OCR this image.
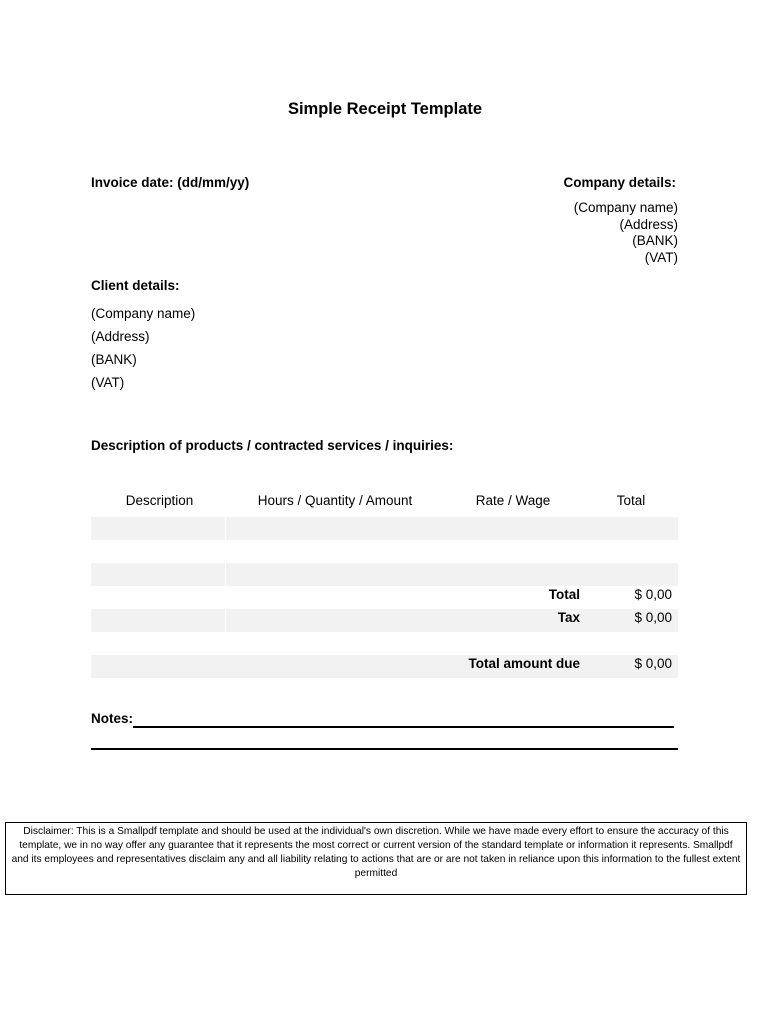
Simple Receipt Template
Invoice date: (dd/mm/yy)	Company details:
(Company name)
(Address)
(BANK)
(VAT)
Client details:
(Company name)
(Address)
(BANK)
(VAT)
Description of products / contracted services / inquiries:
Description	Hours / Quantity / Amount	Rate / Wage	Total
Total	$ 0,00
Tax	$ 0,00
Total amount due	$ 0,00
Notes:
Disclaimer: This is a Smallpdf template and should be used at the individual's own discretion. While we have made every effort to ensure the accuracy of this template, we in no way offer any guarantee that it represents the most correct or current version of the standard template or information it represents. Smallpdf and its employees and representatives disclaim any and all liability relating to actions that are or are not taken in reliance upon this information to the fullest extent permitted
